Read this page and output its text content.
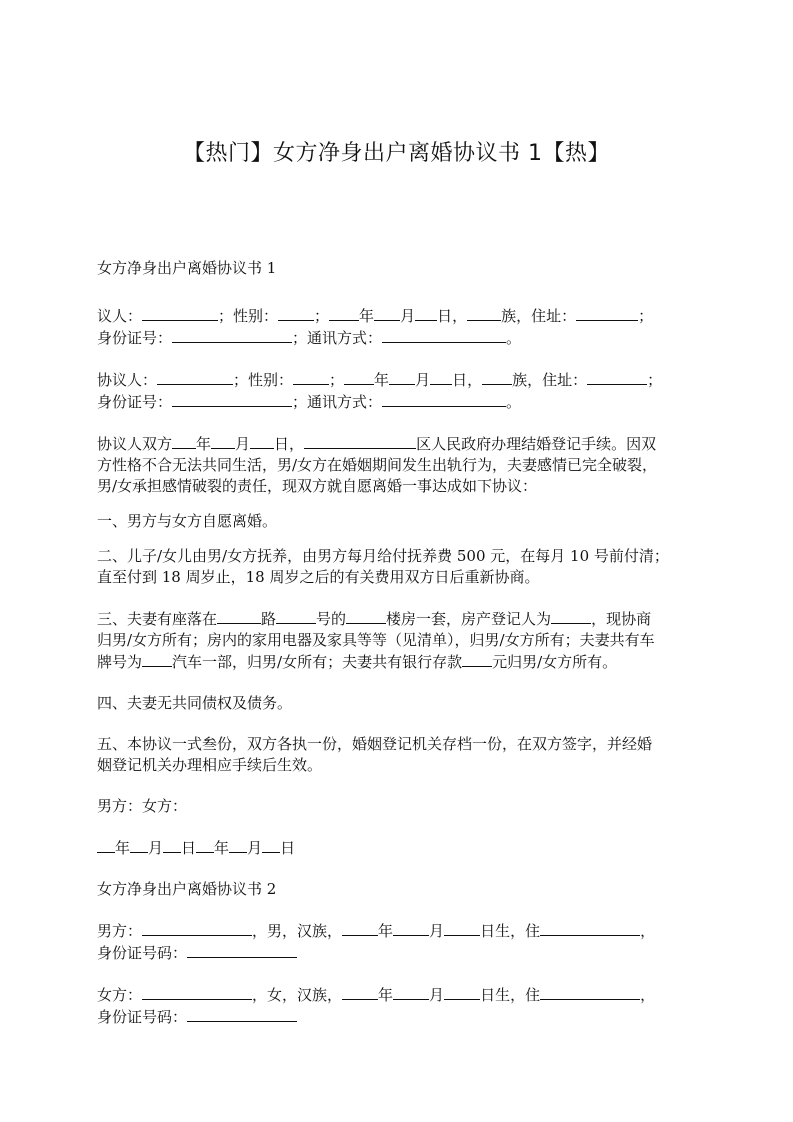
【热门】女方净身出户离婚协议书 1【热】

女方净身出户离婚协议书 1

议人：	；性别： ； 年 月 日， 族，住址：	；

身份证号：	；通讯方式：	。

协议人：	；性别： ； 年 月 日， 族，住址：	；

身份证号：	；通讯方式：	。

协议人双方 年 月 日，	区人民政府办理结婚登记手续。因双

方性格不合无法共同生活，男/女方在婚姻期间发生出轨行为，夫妻感情已完全破裂，

男/女承担感情破裂的责任，现双方就自愿离婚一事达成如下协议：

一、男方与女方自愿离婚。

二、儿子/女儿由男/女方抚养，由男方每月给付抚养费 500 元，在每月 10 号前付清；

直至付到 18 周岁止，18 周岁之后的有关费用双方日后重新协商。

三、夫妻有座落在	路	号的	楼房一套，房产登记人为	，现协商

归男/女方所有；房内的家用电器及家具等等（见清单），归男/女方所有；夫妻共有车

牌号为 汽车一部，归男/女所有；夫妻共有银行存款 元归男/女方所有。

四、夫妻无共同债权及债务。

五、本协议一式叁份，双方各执一份，婚姻登记机关存档一份，在双方签字，并经婚

姻登记机关办理相应手续后生效。

男方：女方：

年 月 日 年 月 日

女方净身出户离婚协议书 2

男方：	，男，汉族， 年 月 日生，住	，

身份证号码：

女方：	，女，汉族， 年 月 日生，住	，

身份证号码：
